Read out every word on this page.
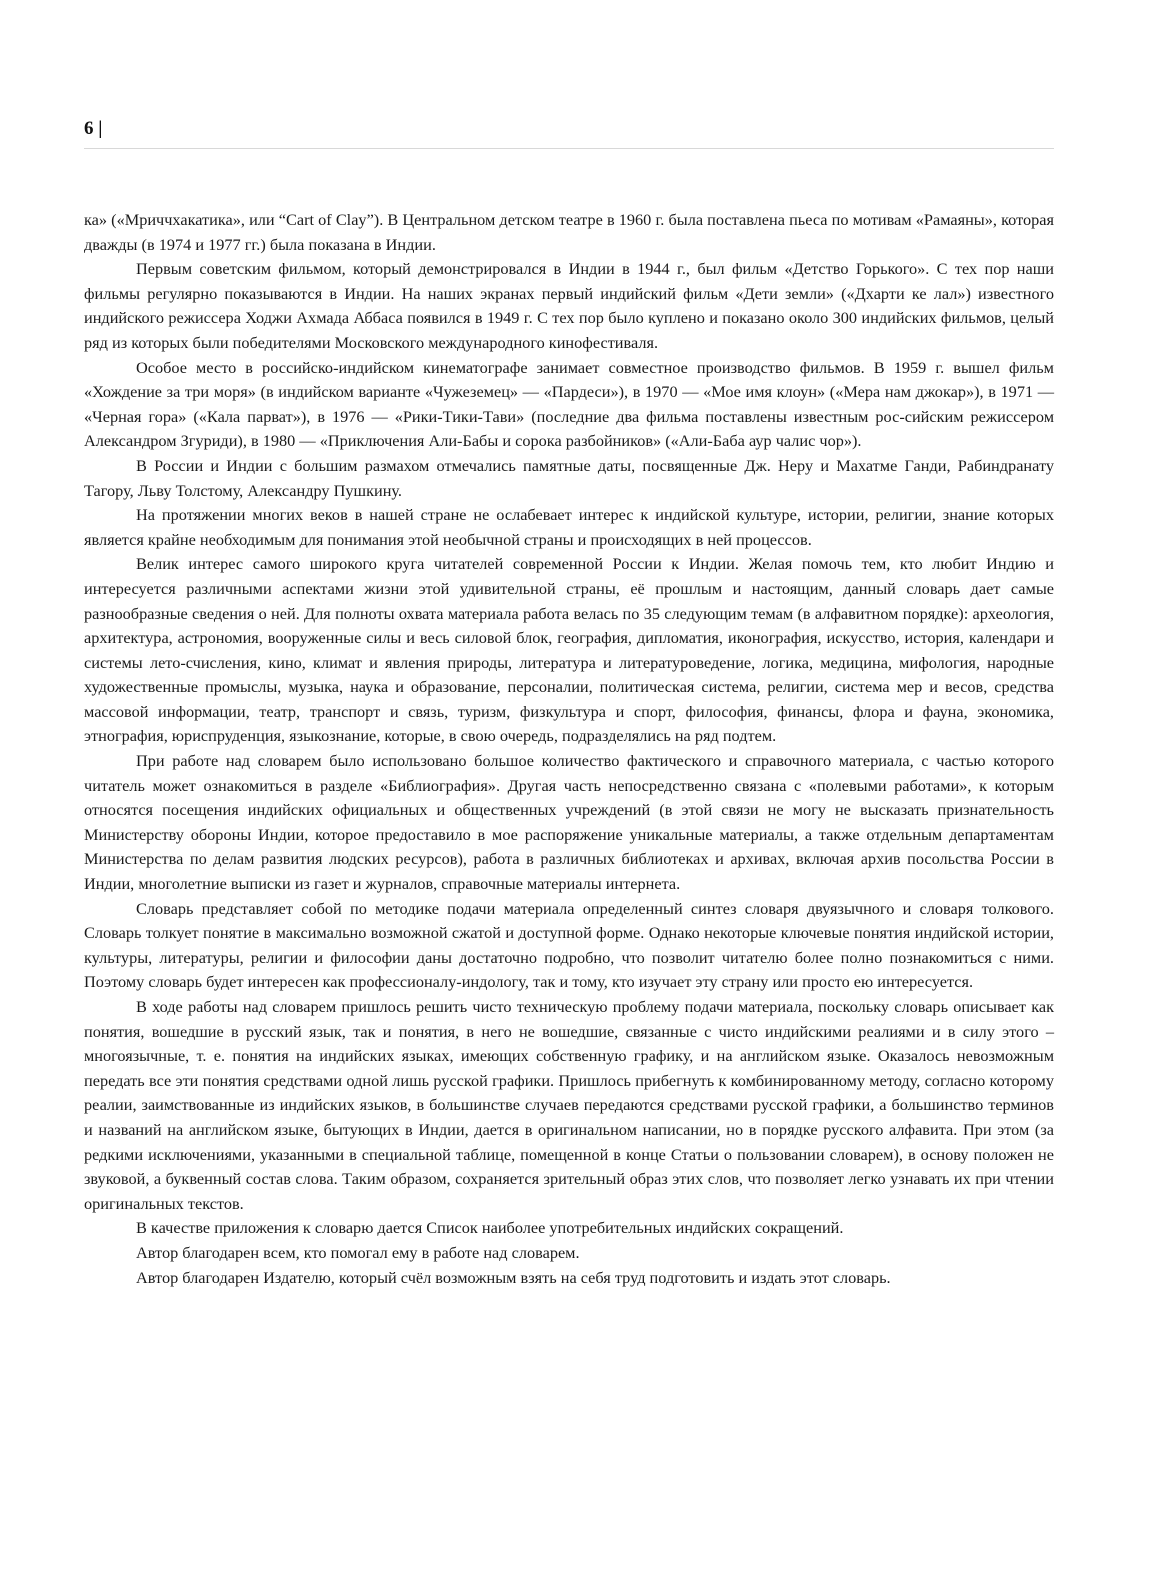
6 |

ка» («Мриччхакатика», или “Cart of Clay”). В Центральном детском театре в 1960 г. была поставлена пьеса по мотивам «Рамаяны», которая дважды (в 1974 и 1977 гг.) была показана в Индии.

Первым советским фильмом, который демонстрировался в Индии в 1944 г., был фильм «Детство Горького». С тех пор наши фильмы регулярно показываются в Индии. На наших экранах первый индийский фильм «Дети земли» («Дхарти ке лал») известного индийского режиссера Ходжи Ахмада Аббаса появился в 1949 г. С тех пор было куплено и показано около 300 индийских фильмов, целый ряд из которых были победителями Московского международного кинофестиваля.

Особое место в российско-индийском кинематографе занимает совместное производство фильмов. В 1959 г. вышел фильм «Хождение за три моря» (в индийском варианте «Чужеземец» — «Пардеси»), в 1970 — «Мое имя клоун» («Мера нам джокар»), в 1971 — «Черная гора» («Кала парват»), в 1976 — «Рики-Тики-Тави» (последние два фильма поставлены известным рос-сийским режиссером Александром Згуриди), в 1980 — «Приключения Али-Бабы и сорока разбойников» («Али-Баба аур чалис чор»).

В России и Индии с большим размахом отмечались памятные даты, посвященные Дж. Неру и Махатме Ганди, Рабиндранату Тагору, Льву Толстому, Александру Пушкину.

На протяжении многих веков в нашей стране не ослабевает интерес к индийской культуре, истории, религии, знание которых является крайне необходимым для понимания этой необычной страны и происходящих в ней процессов.

Велик интерес самого широкого круга читателей современной России к Индии. Желая помочь тем, кто любит Индию и интересуется различными аспектами жизни этой удивительной страны, её прошлым и настоящим, данный словарь дает самые разнообразные сведения о ней. Для полноты охвата материала работа велась по 35 следующим темам (в алфавитном порядке): археология, архитектура, астрономия, вооруженные силы и весь силовой блок, география, дипломатия, иконография, искусство, история, календари и системы лето-счисления, кино, климат и явления природы, литература и литературоведение, логика, медицина, мифология, народные художественные промыслы, музыка, наука и образование, персоналии, политическая система, религии, система мер и весов, средства массовой информации, театр, транспорт и связь, туризм, физкультура и спорт, философия, финансы, флора и фауна, экономика, этнография, юриспруденция, языкознание, которые, в свою очередь, подразделялись на ряд подтем.

При работе над словарем было использовано большое количество фактического и справочного материала, с частью которого читатель может ознакомиться в разделе «Библиография». Другая часть непосредственно связана с «полевыми работами», к которым относятся посещения индийских официальных и общественных учреждений (в этой связи не могу не высказать признательность Министерству обороны Индии, которое предоставило в мое распоряжение уникальные материалы, а также отдельным департаментам Министерства по делам развития людских ресурсов), работа в различных библиотеках и архивах, включая архив посольства России в Индии, многолетние выписки из газет и журналов, справочные материалы интернета.

Словарь представляет собой по методике подачи материала определенный синтез словаря двуязычного и словаря толкового. Словарь толкует понятие в максимально возможной сжатой и доступной форме. Однако некоторые ключевые понятия индийской истории, культуры, литературы, религии и философии даны достаточно подробно, что позволит читателю более полно познакомиться с ними. Поэтому словарь будет интересен как профессионалу-индологу, так и тому, кто изучает эту страну или просто ею интересуется.

В ходе работы над словарем пришлось решить чисто техническую проблему подачи материала, поскольку словарь описывает как понятия, вошедшие в русский язык, так и понятия, в него не вошедшие, связанные с чисто индийскими реалиями и в силу этого – многоязычные, т. е. понятия на индийских языках, имеющих собственную графику, и на английском языке. Оказалось невозможным передать все эти понятия средствами одной лишь русской графики. Пришлось прибегнуть к комбинированному методу, согласно которому реалии, заимствованные из индийских языков, в большинстве случаев передаются средствами русской графики, а большинство терминов и названий на английском языке, бытующих в Индии, дается в оригинальном написании, но в порядке русского алфавита. При этом (за редкими исключениями, указанными в специальной таблице, помещенной в конце Статьи о пользовании словарем), в основу положен не звуковой, а буквенный состав слова. Таким образом, сохраняется зрительный образ этих слов, что позволяет легко узнавать их при чтении оригинальных текстов.

В качестве приложения к словарю дается Список наиболее употребительных индийских сокращений.

Автор благодарен всем, кто помогал ему в работе над словарем.

Автор благодарен Издателю, который счёл возможным взять на себя труд подготовить и издать этот словарь.
